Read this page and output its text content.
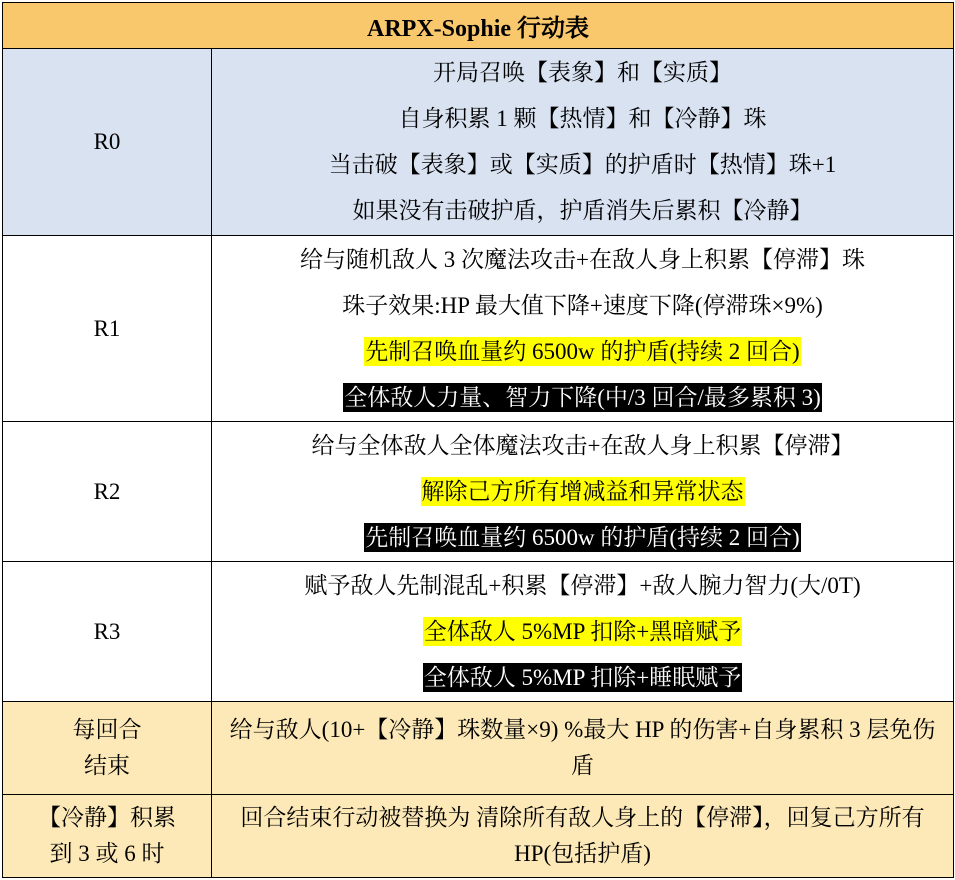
ARPX-Sophie 行动表	
R0	开局召唤【表象】和【实质】
自身积累 1 颗【热情】和【冷静】珠
当击破【表象】或【实质】的护盾时【热情】珠+1
如果没有击破护盾，护盾消失后累积【冷静】

R1	给与随机敌人 3 次魔法攻击+在敌人身上积累【停滞】珠
珠子效果:HP 最大值下降+速度下降(停滞珠×9%)
先制召唤血量约 6500w 的护盾(持续 2 回合)
全体敌人力量、智力下降(中/3 回合/最多累积 3)

R2	给与全体敌人全体魔法攻击+在敌人身上积累【停滞】
解除己方所有增减益和异常状态
先制召唤血量约 6500w 的护盾(持续 2 回合)

R3	赋予敌人先制混乱+积累【停滞】+敌人腕力智力(大/0T)
全体敌人 5%MP 扣除+黑暗赋予
全体敌人 5%MP 扣除+睡眠赋予

每回合
结束	给与敌人(10+【冷静】珠数量×9) %最大 HP 的伤害+自身累积 3 层免伤盾

【冷静】积累
到 3 或 6 时	回合结束行动被替换为 清除所有敌人身上的【停滞】，回复己方所有 HP(包括护盾)
